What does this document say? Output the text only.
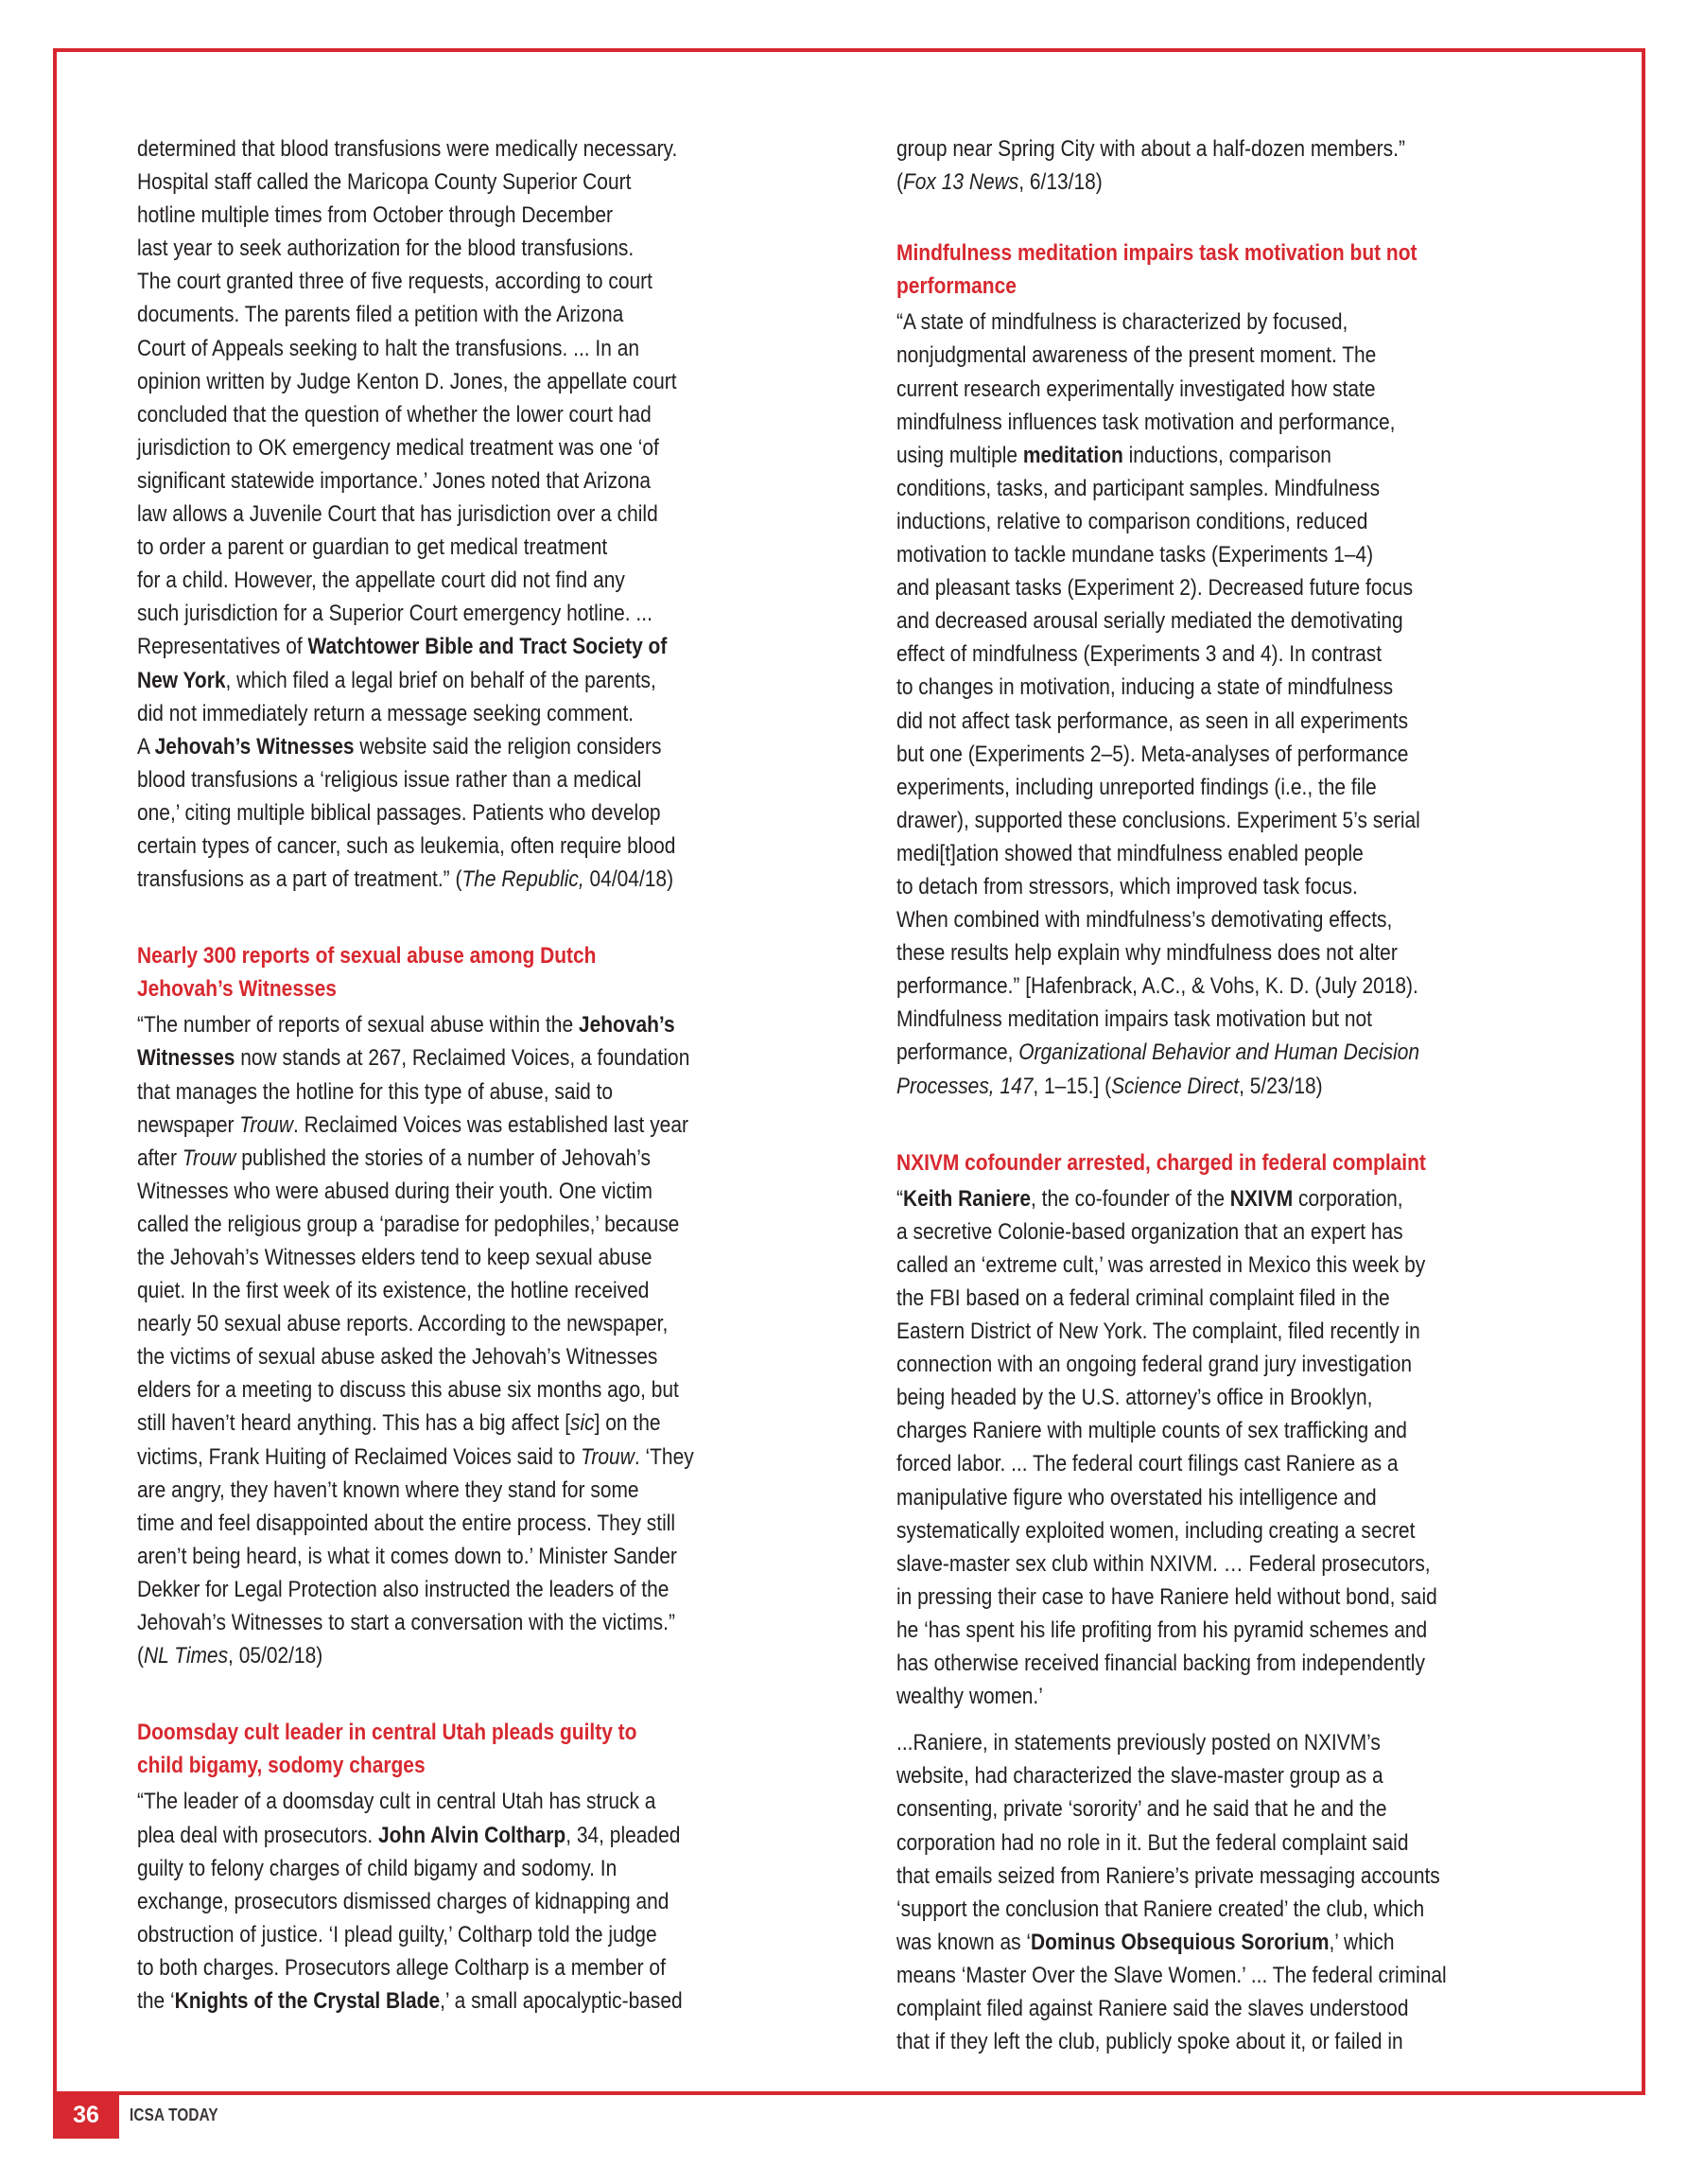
determined that blood transfusions were medically necessary.
Hospital staff called the Maricopa County Superior Court
hotline multiple times from October through December
last year to seek authorization for the blood transfusions.
The court granted three of five requests, according to court
documents. The parents filed a petition with the Arizona
Court of Appeals seeking to halt the transfusions. ... In an
opinion written by Judge Kenton D. Jones, the appellate court
concluded that the question of whether the lower court had
jurisdiction to OK emergency medical treatment was one ‘of
significant statewide importance.’ Jones noted that Arizona
law allows a Juvenile Court that has jurisdiction over a child
to order a parent or guardian to get medical treatment
for a child. However, the appellate court did not find any
such jurisdiction for a Superior Court emergency hotline. ...
Representatives of Watchtower Bible and Tract Society of
New York, which filed a legal brief on behalf of the parents,
did not immediately return a message seeking comment.
A Jehovah’s Witnesses website said the religion considers
blood transfusions a ‘religious issue rather than a medical
one,’ citing multiple biblical passages. Patients who develop
certain types of cancer, such as leukemia, often require blood
transfusions as a part of treatment.” (The Republic, 04/04/18)
Nearly 300 reports of sexual abuse among Dutch
Jehovah’s Witnesses
“The number of reports of sexual abuse within the Jehovah’s
Witnesses now stands at 267, Reclaimed Voices, a foundation
that manages the hotline for this type of abuse, said to
newspaper Trouw. Reclaimed Voices was established last year
after Trouw published the stories of a number of Jehovah’s
Witnesses who were abused during their youth. One victim
called the religious group a ‘paradise for pedophiles,’ because
the Jehovah’s Witnesses elders tend to keep sexual abuse
quiet. In the first week of its existence, the hotline received
nearly 50 sexual abuse reports. According to the newspaper,
the victims of sexual abuse asked the Jehovah’s Witnesses
elders for a meeting to discuss this abuse six months ago, but
still haven’t heard anything. This has a big affect [sic] on the
victims, Frank Huiting of Reclaimed Voices said to Trouw. ‘They
are angry, they haven’t known where they stand for some
time and feel disappointed about the entire process. They still
aren’t being heard, is what it comes down to.’ Minister Sander
Dekker for Legal Protection also instructed the leaders of the
Jehovah’s Witnesses to start a conversation with the victims.”
(NL Times, 05/02/18)
Doomsday cult leader in central Utah pleads guilty to
child bigamy, sodomy charges
“The leader of a doomsday cult in central Utah has struck a
plea deal with prosecutors. John Alvin Coltharp, 34, pleaded
guilty to felony charges of child bigamy and sodomy. In
exchange, prosecutors dismissed charges of kidnapping and
obstruction of justice. ‘I plead guilty,’ Coltharp told the judge
to both charges. Prosecutors allege Coltharp is a member of
the ‘Knights of the Crystal Blade,’ a small apocalyptic-based
group near Spring City with about a half-dozen members.”
(Fox 13 News, 6/13/18)
Mindfulness meditation impairs task motivation but not
performance
“A state of mindfulness is characterized by focused,
nonjudgmental awareness of the present moment. The
current research experimentally investigated how state
mindfulness influences task motivation and performance,
using multiple meditation inductions, comparison
conditions, tasks, and participant samples. Mindfulness
inductions, relative to comparison conditions, reduced
motivation to tackle mundane tasks (Experiments 1–4)
and pleasant tasks (Experiment 2). Decreased future focus
and decreased arousal serially mediated the demotivating
effect of mindfulness (Experiments 3 and 4). In contrast
to changes in motivation, inducing a state of mindfulness
did not affect task performance, as seen in all experiments
but one (Experiments 2–5). Meta-analyses of performance
experiments, including unreported findings (i.e., the file
drawer), supported these conclusions. Experiment 5’s serial
medi[t]ation showed that mindfulness enabled people
to detach from stressors, which improved task focus.
When combined with mindfulness’s demotivating effects,
these results help explain why mindfulness does not alter
performance.” [Hafenbrack, A.C., & Vohs, K. D. (July 2018).
Mindfulness meditation impairs task motivation but not
performance, Organizational Behavior and Human Decision
Processes, 147, 1–15.] (Science Direct, 5/23/18)
NXIVM cofounder arrested, charged in federal complaint
“Keith Raniere, the co-founder of the NXIVM corporation,
a secretive Colonie-based organization that an expert has
called an ‘extreme cult,’ was arrested in Mexico this week by
the FBI based on a federal criminal complaint filed in the
Eastern District of New York. The complaint, filed recently in
connection with an ongoing federal grand jury investigation
being headed by the U.S. attorney’s office in Brooklyn,
charges Raniere with multiple counts of sex trafficking and
forced labor. ... The federal court filings cast Raniere as a
manipulative figure who overstated his intelligence and
systematically exploited women, including creating a secret
slave-master sex club within NXIVM. … Federal prosecutors,
in pressing their case to have Raniere held without bond, said
he ‘has spent his life profiting from his pyramid schemes and
has otherwise received financial backing from independently
wealthy women.’
...Raniere, in statements previously posted on NXIVM’s
website, had characterized the slave-master group as a
consenting, private ‘sorority’ and he said that he and the
corporation had no role in it. But the federal complaint said
that emails seized from Raniere’s private messaging accounts
‘support the conclusion that Raniere created’ the club, which
was known as ‘Dominus Obsequious Sororium,’ which
means ‘Master Over the Slave Women.’ ... The federal criminal
complaint filed against Raniere said the slaves understood
that if they left the club, publicly spoke about it, or failed in
36	ICSA TODAY
